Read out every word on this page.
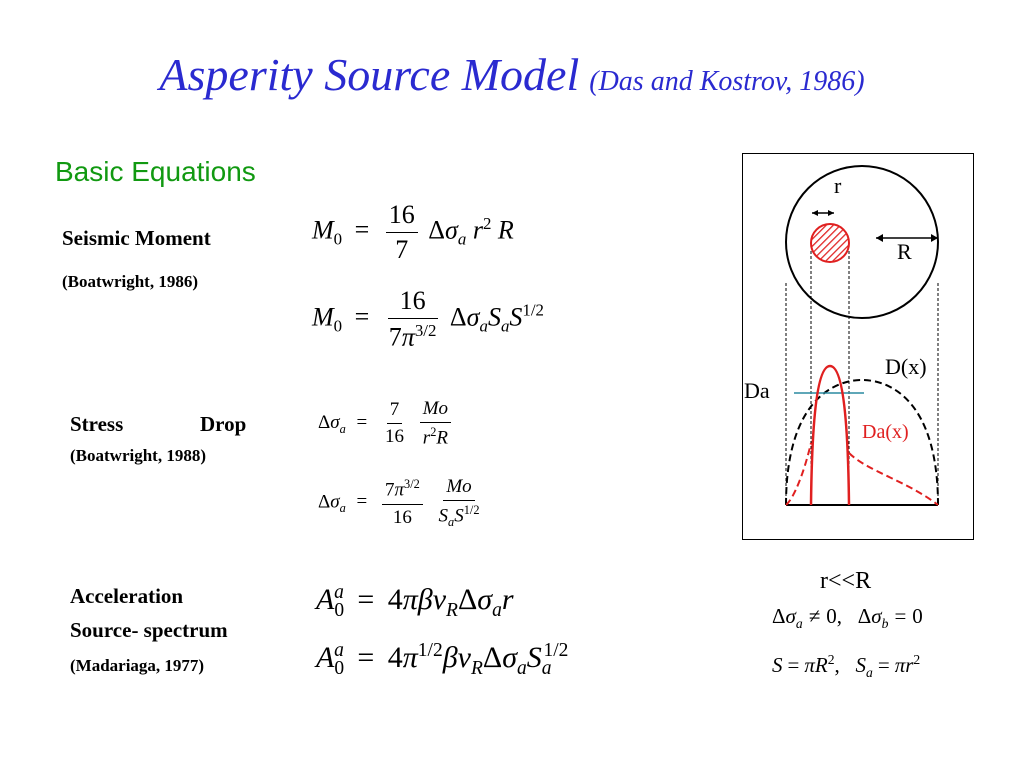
Asperity Source Model (Das and Kostrov, 1986)
Basic Equations
Seismic Moment
(Boatwright, 1986)
$M_0 = \frac{16}{7} \Delta\sigma_a$ $r^2$ R
$M_0 = \frac{16}{7\pi^{3/2}} \Delta\sigma_aS_aS^{1/2}$
Stress	Drop
(Boatwright, 1988)
$\Delta\sigma_a = \frac{7}{16}$
$\frac{Mo}{r^2R}$
$\Delta\sigma_a = \frac{7\pi^{3/2}}{16}$
$\frac{Mo}{S_aS^{1/2}}$
Acceleration
Source- spectrum
(Madariaga, 1977)
$A_0^a = 4\pi\beta v_R\Delta\sigma_ar$
$A_0^a = 4\pi^{1/2}\beta v_R\Delta\sigma_aS_a^{1/2}$
r
R
D(x)
Da
Da(x)
r<<R
$\Delta\sigma_a \ne 0$,   $\Delta\sigma_b = 0$
$S = \pi R^2$,   $S_a = \pi r^2$
